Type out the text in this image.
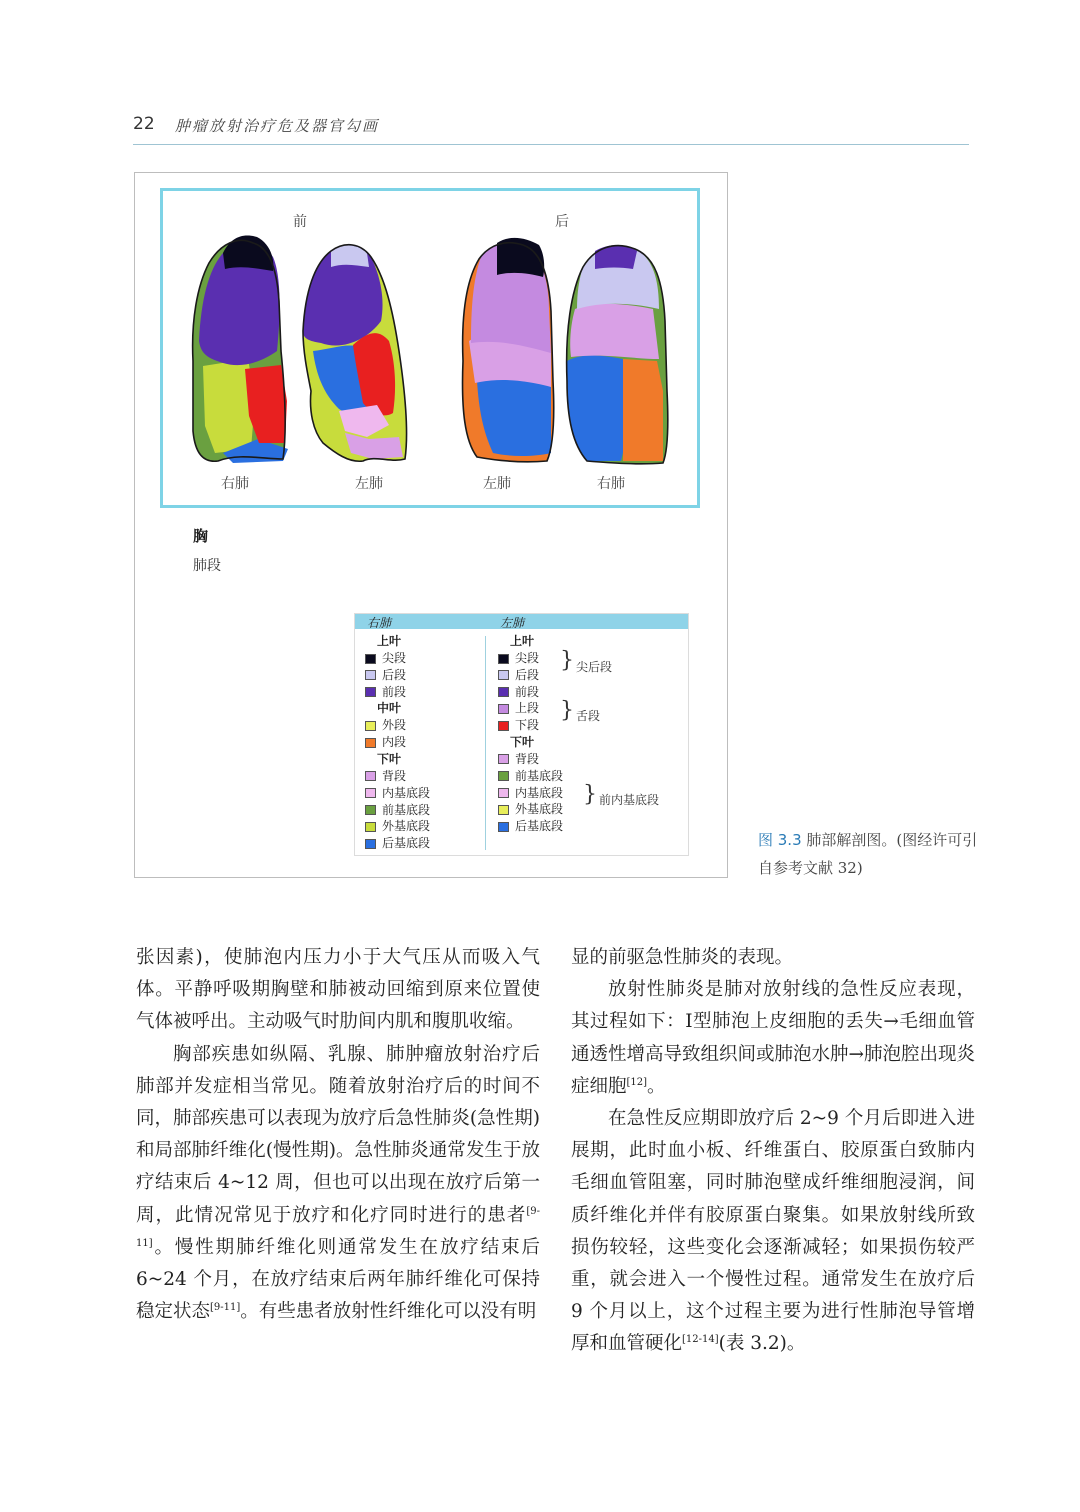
22 肿瘤放射治疗危及器官勾画
前	后
右肺	左肺	左肺	右肺
胸
肺段
右肺	左肺
上叶
尖段
后段
前段
中叶
外段
内段
下叶
背段
内基底段
前基底段
外基底段
后基底段
上叶
尖段
后段
前段
上段
下段
下叶
背段
前基底段
内基底段
外基底段
后基底段
} 尖后段
} 舌段
} 前内基底段
图 3.3 肺部解剖图。(图经许可引自参考文献 32)

张因素)，使肺泡内压力小于大气压从而吸入气体。平静呼吸期胸壁和肺被动回缩到原来位置使气体被呼出。主动吸气时肋间内肌和腹肌收缩。

胸部疾患如纵隔、乳腺、肺肿瘤放射治疗后肺部并发症相当常见。随着放射治疗后的时间不同，肺部疾患可以表现为放疗后急性肺炎(急性期)和局部肺纤维化(慢性期)。急性肺炎通常发生于放疗结束后 4~12 周，但也可以出现在放疗后第一周，此情况常见于放疗和化疗同时进行的患者[9-11]。慢性期肺纤维化则通常发生在放疗结束后 6~24 个月，在放疗结束后两年肺纤维化可保持稳定状态[9-11]。有些患者放射性纤维化可以没有明

显的前驱急性肺炎的表现。

放射性肺炎是肺对放射线的急性反应表现，其过程如下：Ⅰ型肺泡上皮细胞的丢失→毛细血管通透性增高导致组织间或肺泡水肿→肺泡腔出现炎症细胞[12]。

在急性反应期即放疗后 2~9 个月后即进入进展期，此时血小板、纤维蛋白、胶原蛋白致肺内毛细血管阻塞，同时肺泡壁成纤维细胞浸润，间质纤维化并伴有胶原蛋白聚集。如果放射线所致损伤较轻，这些变化会逐渐减轻；如果损伤较严重，就会进入一个慢性过程。通常发生在放疗后 9 个月以上，这个过程主要为进行性肺泡导管增厚和血管硬化[12-14](表 3.2)。
